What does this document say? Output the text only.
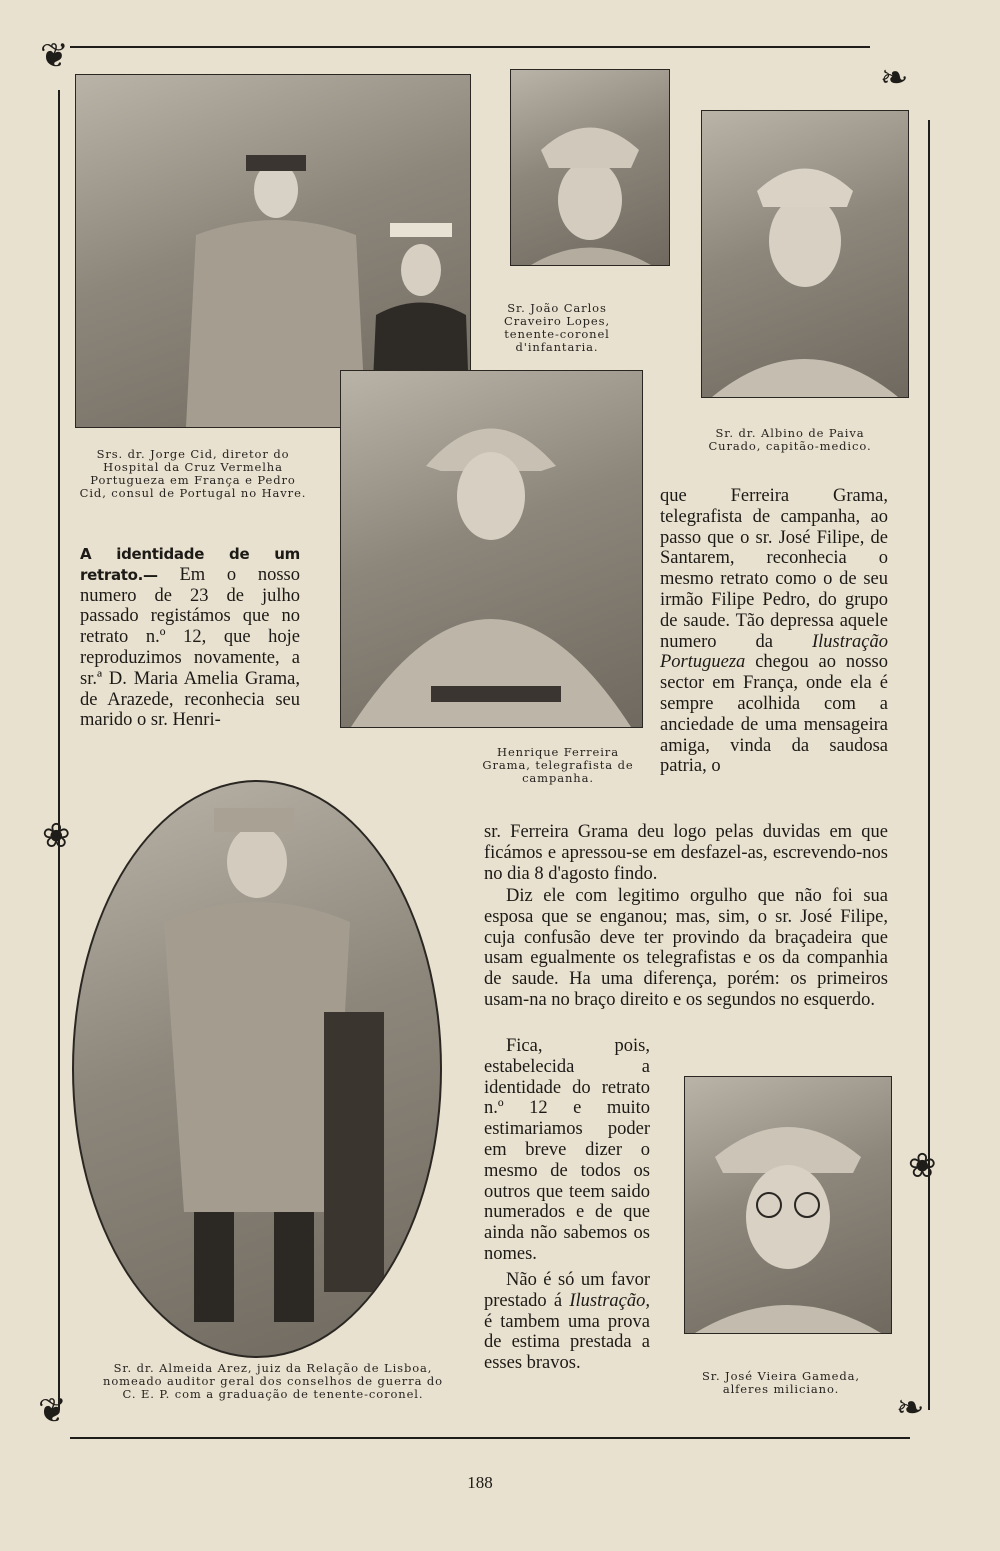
❦
❧
❦	❧
❀
❀
Srs. dr. Jorge Cid, diretor do Hospital da Cruz Vermelha Portugueza em França e Pedro Cid, consul de Portugal no Havre.
Sr. João Carlos Craveiro Lopes, tenente-coronel d'infantaria.
Sr. dr. Albino de Paiva Curado, capitão-medico.
Henrique Ferreira Grama, telegrafista de campanha.
Sr. dr. Almeida Arez, juiz da Relação de Lisboa, nomeado auditor geral dos conselhos de guerra do C. E. P. com a graduação de tenente-coronel.
Sr. José Vieira Gameda, alferes miliciano.
A identidade de um retrato.— Em o nosso numero de 23 de julho passado registámos que no retrato n.º 12, que hoje reproduzimos novamente, a sr.ª D. Maria Amelia Grama, de Arazede, reconhecia seu marido o sr. Henri-
que Ferreira Grama, telegrafista de campanha, ao passo que o sr. José Filipe, de Santarem, reconhecia o mesmo retrato como o de seu irmão Filipe Pedro, do grupo de saude. Tão depressa aquele numero da Ilustração Portugueza chegou ao nosso sector em França, onde ela é sempre acolhida com a anciedade de uma mensageira amiga, vinda da saudosa patria, o
sr. Ferreira Grama deu logo pelas duvidas em que ficámos e apressou-se em desfazel-as, escrevendo-nos no dia 8 d'agosto findo.
Diz ele com legitimo orgulho que não foi sua esposa que se enganou; mas, sim, o sr. José Filipe, cuja confusão deve ter provindo da braçadeira que usam egualmente os telegrafistas e os da companhia de saude. Ha uma diferença, porém: os primeiros usam-na no braço direito e os segundos no esquerdo.
Fica, pois, estabelecida a identidade do retrato n.º 12 e muito estimariamos poder em breve dizer o mesmo de todos os outros que teem saido numerados e de que ainda não sabemos os nomes.
Não é só um favor prestado á Ilustração, é tambem uma prova de estima prestada a esses bravos.
188
